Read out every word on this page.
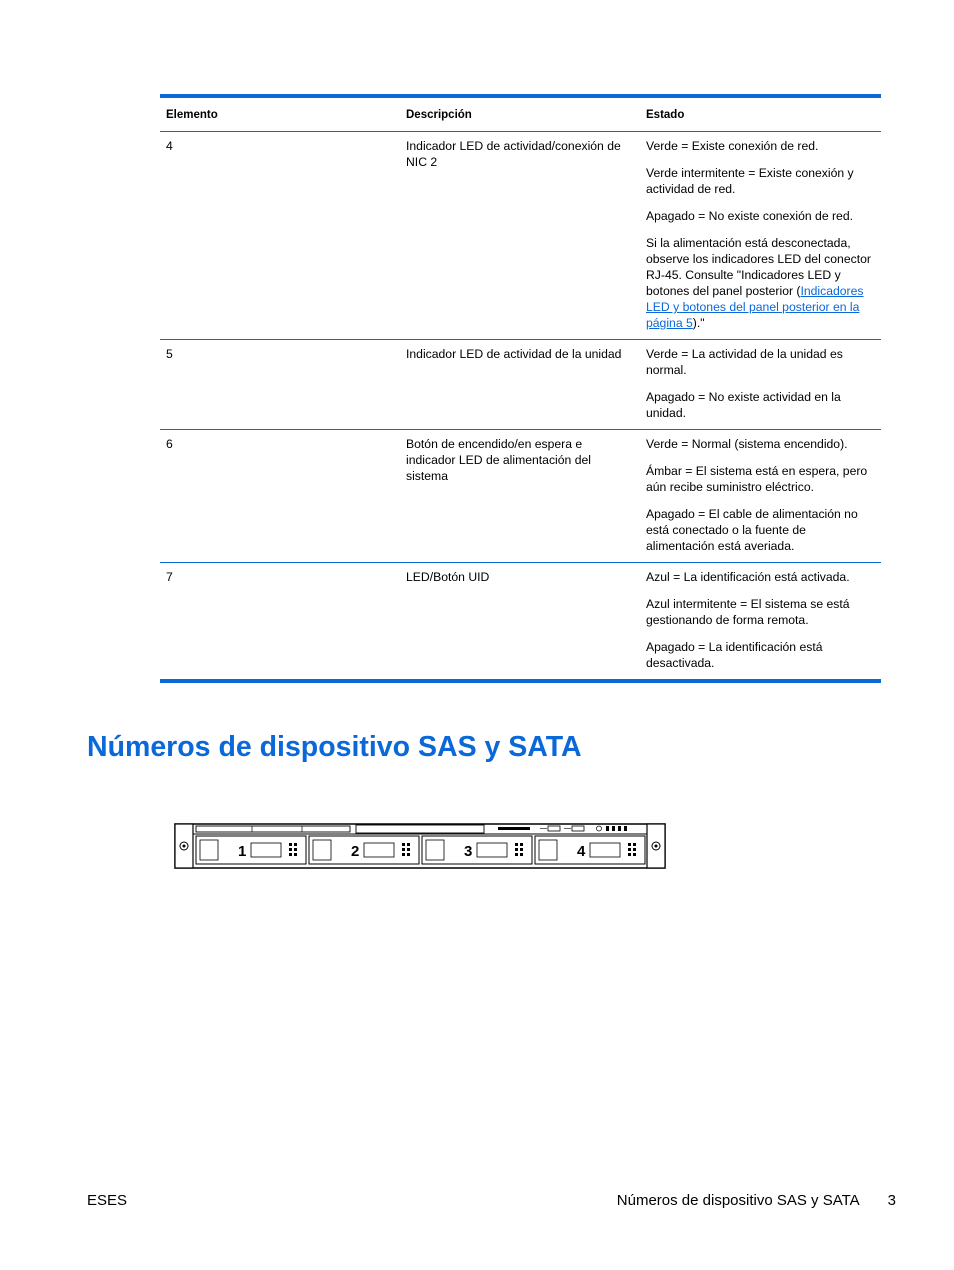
Elemento	Descripción	Estado
4	Indicador LED de actividad/conexión de NIC 2	Verde = Existe conexión de red.

Verde intermitente = Existe conexión y actividad de red.

Apagado = No existe conexión de red.

Si la alimentación está desconectada, observe los indicadores LED del conector RJ-45. Consulte "Indicadores LED y botones del panel posterior (Indicadores LED y botones del panel posterior en la página 5)."

5	Indicador LED de actividad de la unidad	Verde = La actividad de la unidad es normal.

Apagado = No existe actividad en la unidad.

6	Botón de encendido/en espera e indicador LED de alimentación del sistema	Verde = Normal (sistema encendido).

Ámbar = El sistema está en espera, pero aún recibe suministro eléctrico.

Apagado = El cable de alimentación no está conectado o la fuente de alimentación está averiada.

7	LED/Botón UID	Azul = La identificación está activada.

Azul intermitente = El sistema se está gestionando de forma remota.

Apagado = La identificación está desactivada.

Números de dispositivo SAS y SATA
1	2	3	4
ESES	Números de dispositivo SAS y SATA 3
